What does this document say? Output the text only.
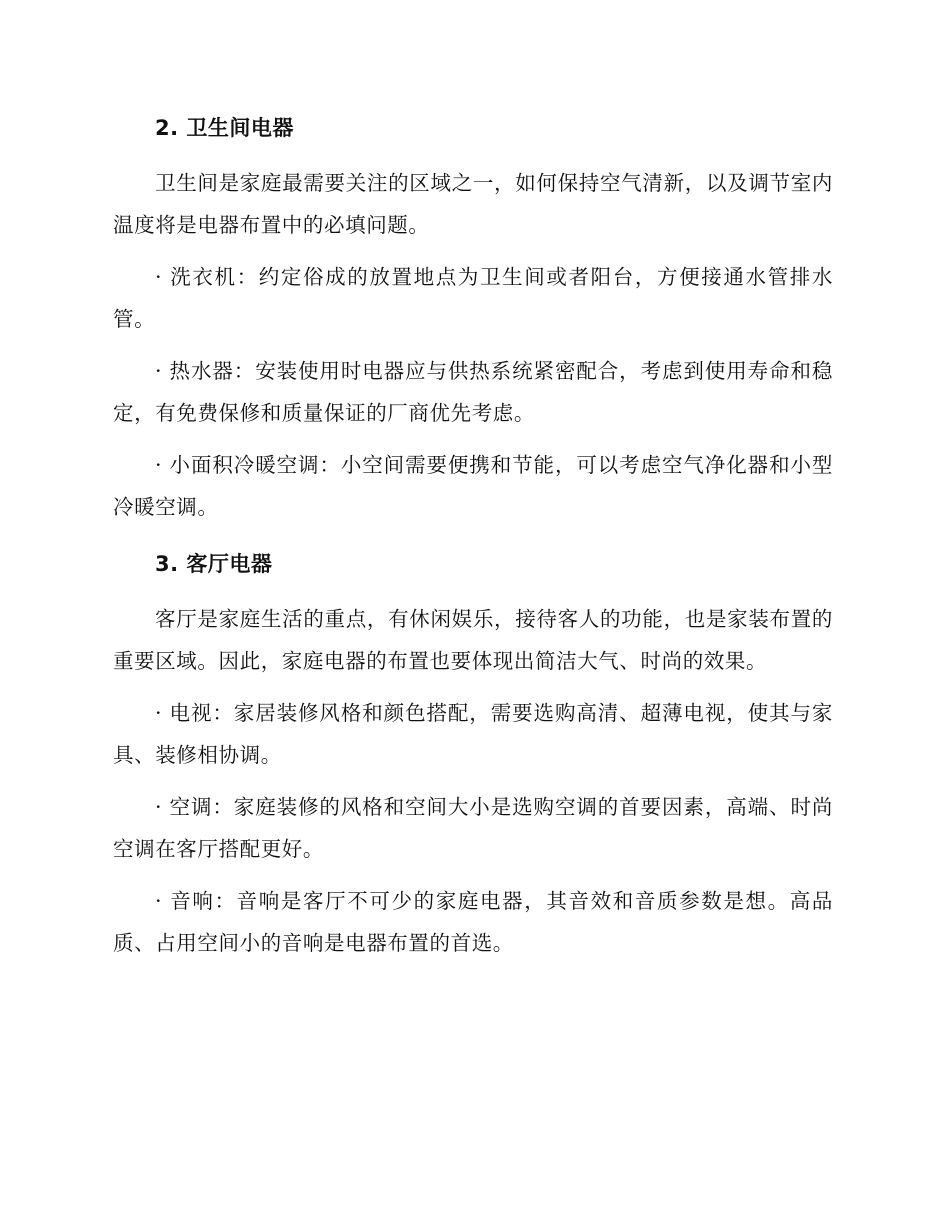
2. 卫生间电器

卫生间是家庭最需要关注的区域之一，如何保持空气清新，以及调节室内温度将是电器布置中的必填问题。

· 洗衣机：约定俗成的放置地点为卫生间或者阳台，方便接通水管排水管。

· 热水器：安装使用时电器应与供热系统紧密配合，考虑到使用寿命和稳定，有免费保修和质量保证的厂商优先考虑。

· 小面积冷暖空调：小空间需要便携和节能，可以考虑空气净化器和小型冷暖空调。

3. 客厅电器

客厅是家庭生活的重点，有休闲娱乐，接待客人的功能，也是家装布置的重要区域。因此，家庭电器的布置也要体现出简洁大气、时尚的效果。

· 电视：家居装修风格和颜色搭配，需要选购高清、超薄电视，使其与家具、装修相协调。

· 空调：家庭装修的风格和空间大小是选购空调的首要因素，高端、时尚空调在客厅搭配更好。

· 音响：音响是客厅不可少的家庭电器，其音效和音质参数是想。高品质、占用空间小的音响是电器布置的首选。
